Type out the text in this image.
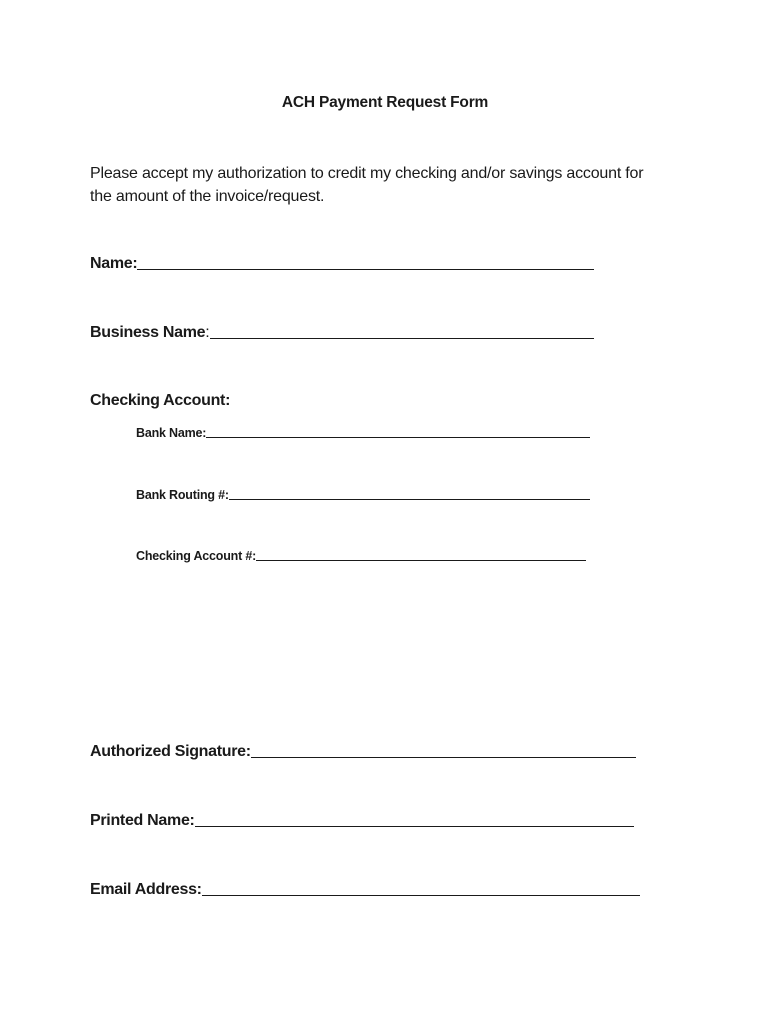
ACH Payment Request Form
Please accept my authorization to credit my checking and/or savings account for
the amount of the invoice/request.
Name:
Business Name :
Checking Account:
Bank Name:
Bank Routing #:
Checking Account #:
Authorized Signature:
Printed Name:
Email Address:
